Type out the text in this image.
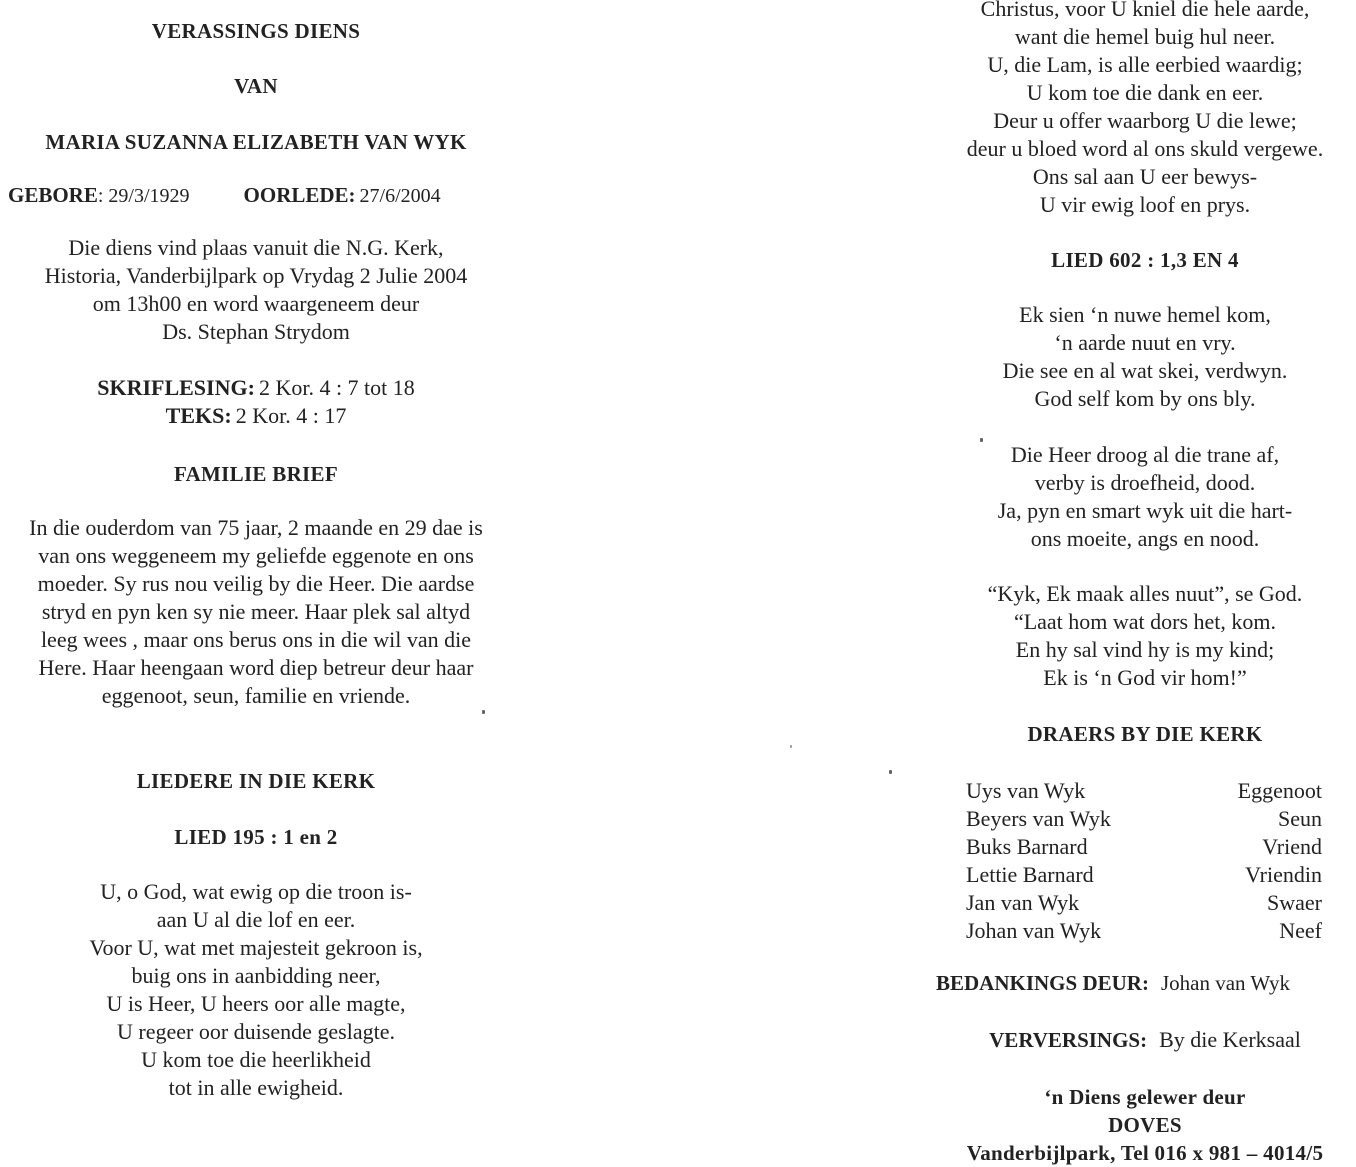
VERASSINGS DIENS

VAN

MARIA SUZANNA ELIZABETH VAN WYK

GEBORE: 29/3/1929	OORLEDE: 27/6/2004

Die diens vind plaas vanuit die N.G. Kerk,

Historia, Vanderbijlpark op Vrydag 2 Julie 2004

om 13h00 en word waargeneem deur

Ds. Stephan Strydom

SKRIFLESING: 2 Kor. 4 : 7 tot 18
TEKS: 2 Kor. 4 : 17

FAMILIE BRIEF

In die ouderdom van 75 jaar, 2 maande en 29 dae is

van ons weggeneem my geliefde eggenote en ons

moeder. Sy rus nou veilig by die Heer. Die aardse

stryd en pyn ken sy nie meer. Haar plek sal altyd

leeg wees , maar ons berus ons in die wil van die

Here. Haar heengaan word diep betreur deur haar

eggenoot, seun, familie en vriende.

LIEDERE IN DIE KERK

LIED 195 : 1 en 2

U, o God, wat ewig op die troon is-

aan U al die lof en eer.

Voor U, wat met majesteit gekroon is,

buig ons in aanbidding neer,

U is Heer, U heers oor alle magte,

U regeer oor duisende geslagte.

U kom toe die heerlikheid

tot in alle ewigheid.

Christus, voor U kniel die hele aarde,

want die hemel buig hul neer.

U, die Lam, is alle eerbied waardig;

U kom toe die dank en eer.

Deur u offer waarborg U die lewe;

deur u bloed word al ons skuld vergewe.

Ons sal aan U eer bewys-

U vir ewig loof en prys.

LIED 602 : 1,3 EN 4

Ek sien ‘n nuwe hemel kom,

‘n aarde nuut en vry.

Die see en al wat skei, verdwyn.

God self kom by ons bly.

Die Heer droog al die trane af,

verby is droefheid, dood.

Ja, pyn en smart wyk uit die hart-

ons moeite, angs en nood.

“Kyk, Ek maak alles nuut”, se God.

“Laat hom wat dors het, kom.

En hy sal vind hy is my kind;

Ek is ‘n God vir hom!”

DRAERS BY DIE KERK

Uys van Wyk	Eggenoot
Beyers van Wyk	Seun
Buks Barnard	Vriend
Lettie Barnard	Vriendin
Jan van Wyk	Swaer
Johan van Wyk	Neef
BEDANKINGS DEUR: Johan van Wyk
VERVERSINGS: By die Kerksaal

‘n Diens gelewer deur

DOVES

Vanderbijlpark, Tel 016 x 981 – 4014/5
